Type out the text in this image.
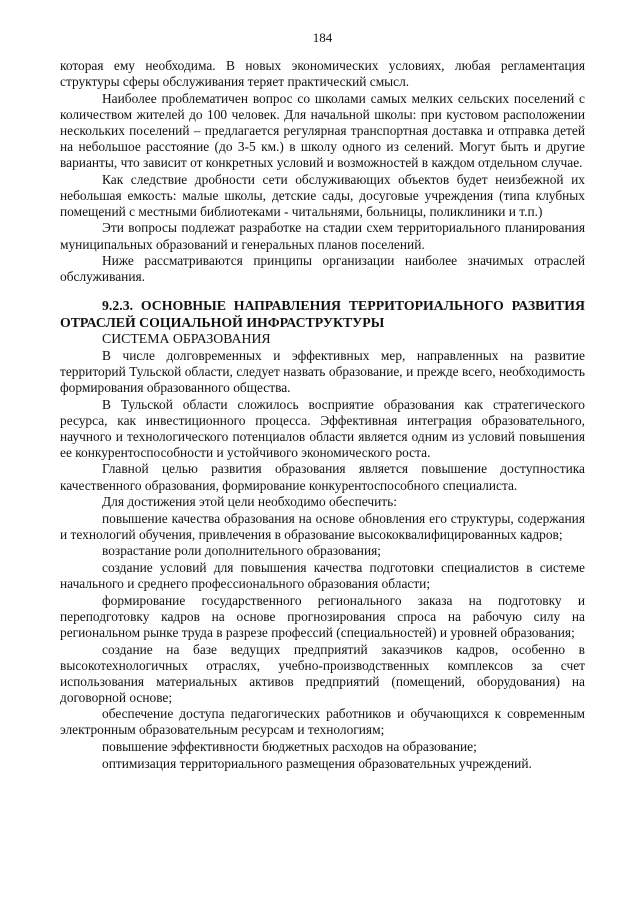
184

которая ему необходима. В новых экономических условиях, любая регламентация структуры сферы обслуживания теряет практический смысл.

Наиболее проблематичен вопрос со школами самых мелких сельских поселений с количеством жителей до 100 человек. Для начальной школы: при кустовом расположении нескольких поселений – предлагается регулярная транспортная доставка и отправка детей на небольшое расстояние (до 3-5 км.) в школу одного из селений. Могут быть и другие варианты, что зависит от конкретных условий и возможностей в каждом отдельном случае.

Как следствие дробности сети обслуживающих объектов будет неизбежной их небольшая емкость: малые школы, детские сады, досуговые учреждения (типа клубных помещений с местными библиотеками - читальнями, больницы, поликлиники и т.п.)

Эти вопросы подлежат разработке на стадии схем территориального планирования муниципальных образований и генеральных планов поселений.

Ниже рассматриваются принципы организации наиболее значимых отраслей обслуживания.

9.2.3. ОСНОВНЫЕ НАПРАВЛЕНИЯ ТЕРРИТОРИАЛЬНОГО РАЗВИТИЯ ОТРАСЛЕЙ СОЦИАЛЬНОЙ ИНФРАСТРУКТУРЫ
СИСТЕМА ОБРАЗОВАНИЯ

В числе долговременных и эффективных мер, направленных на развитие территорий Тульской области, следует назвать образование, и прежде всего, необходимость формирования образованного общества.

В Тульской области сложилось восприятие образования как стратегического ресурса, как инвестиционного процесса. Эффективная интеграция образовательного, научного и технологического потенциалов области является одним из условий повышения ее конкурентоспособности и устойчивого экономического роста.

Главной целью развития образования является повышение доступностика качественного образования, формирование конкурентоспособного специалиста.

Для достижения этой цели необходимо обеспечить:

повышение качества образования на основе обновления его структуры, содержания и технологий обучения, привлечения в образование высококвалифицированных кадров;

возрастание роли дополнительного образования;

создание условий для повышения качества подготовки специалистов в системе начального и среднего профессионального образования области;

формирование государственного регионального заказа на подготовку и переподготовку кадров на основе прогнозирования спроса на рабочую силу на региональном рынке труда в разрезе профессий (специальностей) и уровней образования;

создание на базе ведущих предприятий заказчиков кадров, особенно в высокотехнологичных отраслях, учебно-производственных комплексов за счет использования материальных активов предприятий (помещений, оборудования) на договорной основе;

обеспечение доступа педагогических работников и обучающихся к современным электронным образовательным ресурсам и технологиям;

повышение эффективности бюджетных расходов на образование;

оптимизация территориального размещения образовательных учреждений.
